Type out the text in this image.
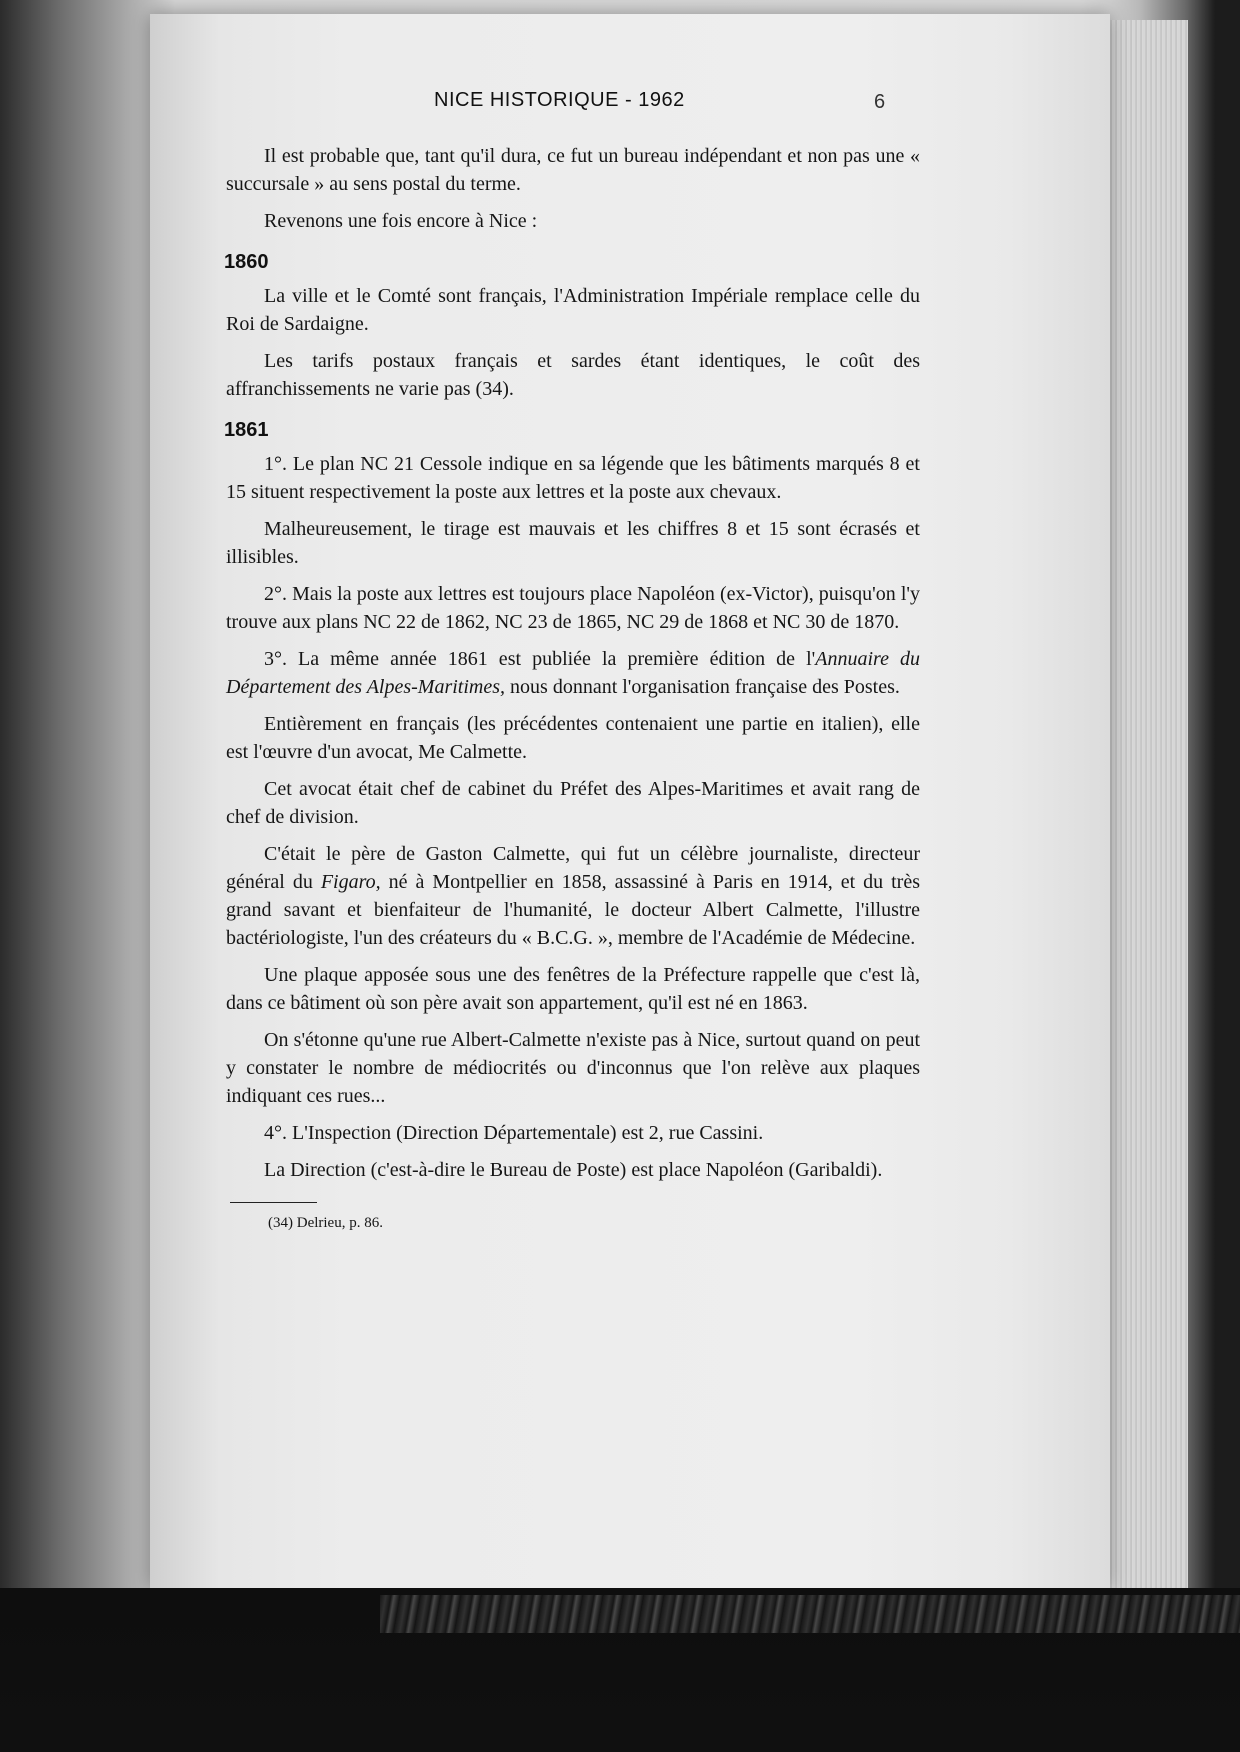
NICE HISTORIQUE - 1962	6

Il est probable que, tant qu'il dura, ce fut un bureau indépendant et non pas une « succursale » au sens postal du terme.

Revenons une fois encore à Nice :

1860

La ville et le Comté sont français, l'Administration Impériale remplace celle du Roi de Sardaigne.

Les tarifs postaux français et sardes étant identiques, le coût des affranchissements ne varie pas (34).

1861

1°. Le plan NC 21 Cessole indique en sa légende que les bâtiments marqués 8 et 15 situent respectivement la poste aux lettres et la poste aux chevaux.

Malheureusement, le tirage est mauvais et les chiffres 8 et 15 sont écrasés et illisibles.

2°. Mais la poste aux lettres est toujours place Napoléon (ex-Victor), puisqu'on l'y trouve aux plans NC 22 de 1862, NC 23 de 1865, NC 29 de 1868 et NC 30 de 1870.

3°. La même année 1861 est publiée la première édition de l'Annuaire du Département des Alpes-Maritimes, nous donnant l'organisation française des Postes.

Entièrement en français (les précédentes contenaient une partie en italien), elle est l'œuvre d'un avocat, Me Calmette.

Cet avocat était chef de cabinet du Préfet des Alpes-Maritimes et avait rang de chef de division.

C'était le père de Gaston Calmette, qui fut un célèbre journaliste, directeur général du Figaro, né à Montpellier en 1858, assassiné à Paris en 1914, et du très grand savant et bienfaiteur de l'humanité, le docteur Albert Calmette, l'illustre bactériologiste, l'un des créateurs du « B.C.G. », membre de l'Académie de Médecine.

Une plaque apposée sous une des fenêtres de la Préfecture rappelle que c'est là, dans ce bâtiment où son père avait son appartement, qu'il est né en 1863.

On s'étonne qu'une rue Albert-Calmette n'existe pas à Nice, surtout quand on peut y constater le nombre de médiocrités ou d'inconnus que l'on relève aux plaques indiquant ces rues...

4°. L'Inspection (Direction Départementale) est 2, rue Cassini.

La Direction (c'est-à-dire le Bureau de Poste) est place Napoléon (Garibaldi).

(34) Delrieu, p. 86.
